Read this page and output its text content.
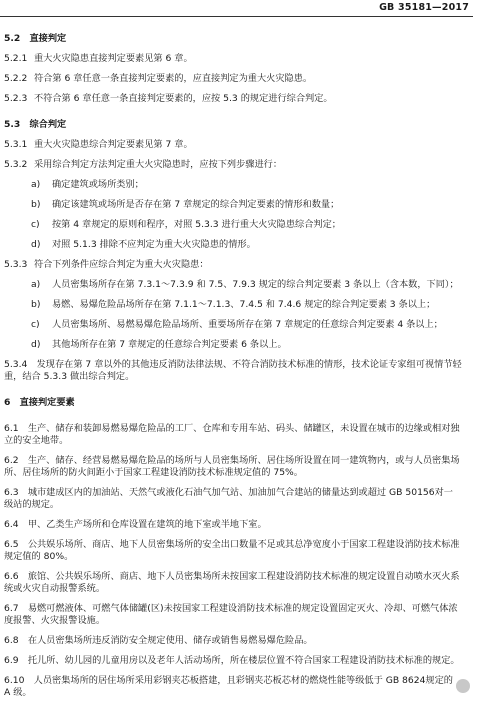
GB 35181—2017
5.2　直接判定
5.2.1 重大火灾隐患直接判定要素见第 6 章。
5.2.2 符合第 6 章任意一条直接判定要素的，应直接判定为重大火灾隐患。
5.2.3 不符合第 6 章任意一条直接判定要素的，应按 5.3 的规定进行综合判定。
5.3　综合判定
5.3.1 重大火灾隐患综合判定要素见第 7 章。
5.3.2 采用综合判定方法判定重大火灾隐患时，应按下列步骤进行：
a) 确定建筑或场所类别；
b) 确定该建筑或场所是否存在第 7 章规定的综合判定要素的情形和数量；
c) 按第 4 章规定的原则和程序，对照 5.3.3 进行重大火灾隐患综合判定；
d) 对照 5.1.3 排除不应判定为重大火灾隐患的情形。
5.3.3 符合下列条件应综合判定为重大火灾隐患：
a) 人员密集场所存在第 7.3.1～7.3.9 和 7.5、7.9.3 规定的综合判定要素 3 条以上（含本数，下同）；
b) 易燃、易爆危险品场所存在第 7.1.1～7.1.3、7.4.5 和 7.4.6 规定的综合判定要素 3 条以上；
c) 人员密集场所、易燃易爆危险品场所、重要场所存在第 7 章规定的任意综合判定要素 4 条以上；
d) 其他场所存在第 7 章规定的任意综合判定要素 6 条以上。
5.3.4　 发现存在第 7 章以外的其他违反消防法律法规、不符合消防技术标准的情形，技术论证专家组可视情节轻重，结合 5.3.3 做出综合判定。
6　直接判定要素
6.1　 生产、储存和装卸易燃易爆危险品的工厂、仓库和专用车站、码头、储罐区，未设置在城市的边缘或相对独立的安全地带。
6.2　 生产、储存、经营易燃易爆危险品的场所与人员密集场所、居住场所设置在同一建筑物内，或与人员密集场所、居住场所的防火间距小于国家工程建设消防技术标准规定值的 75%。
6.3　 城市建成区内的加油站、天然气或液化石油气加气站、加油加气合建站的储量达到或超过 GB 50156对一级站的规定。
6.4　 甲、乙类生产场所和仓库设置在建筑的地下室或半地下室。
6.5　 公共娱乐场所、商店、地下人员密集场所的安全出口数量不足或其总净宽度小于国家工程建设消防技术标准规定值的 80%。
6.6　 旅馆、公共娱乐场所、商店、地下人员密集场所未按国家工程建设消防技术标准的规定设置自动喷水灭火系统或火灾自动报警系统。
6.7　 易燃可燃液体、可燃气体储罐(区)未按国家工程建设消防技术标准的规定设置固定灭火、冷却、可燃气体浓度报警、火灾报警设施。
6.8　 在人员密集场所违反消防安全规定使用、储存或销售易燃易爆危险品。
6.9　 托儿所、幼儿园的儿童用房以及老年人活动场所，所在楼层位置不符合国家工程建设消防技术标准的规定。
6.10　 人员密集场所的居住场所采用彩钢夹芯板搭建，且彩钢夹芯板芯材的燃烧性能等级低于 GB 8624规定的 A 级。
